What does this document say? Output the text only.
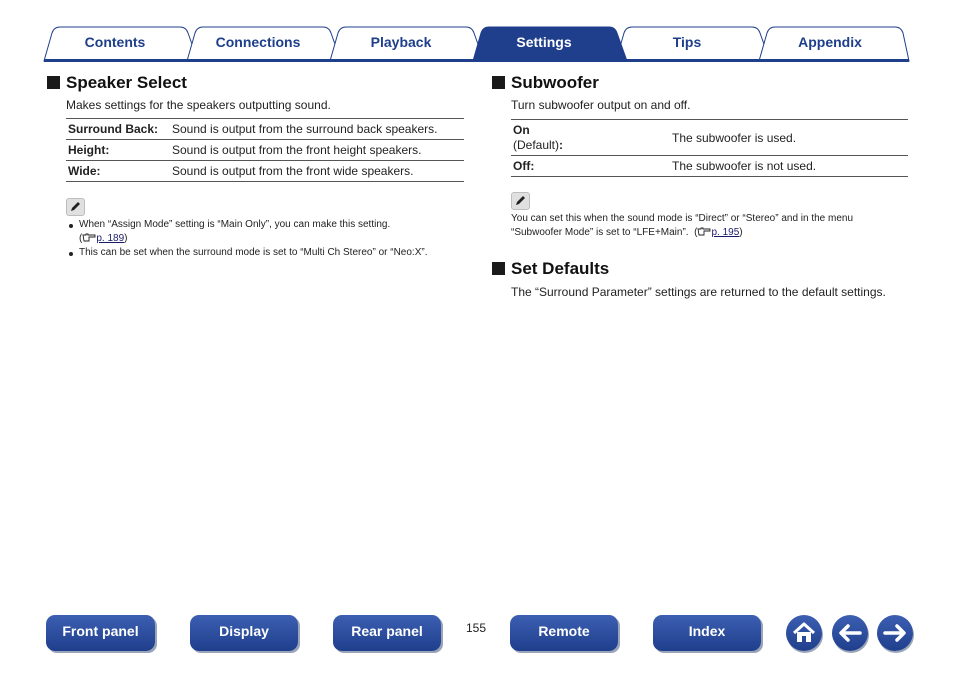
Contents	Connections	Playback	Settings	Tips	Appendix
Speaker Select
Makes settings for the speakers outputting sound.
Surround Back:	Sound is output from the surround back speakers.
Height:	Sound is output from the front height speakers.
Wide:	Sound is output from the front wide speakers.
When “Assign Mode” setting is “Main Only”, you can make this setting.
( p. 189)
This can be set when the surround mode is set to “Multi Ch Stereo” or “Neo:X”.
Subwoofer
Turn subwoofer output on and off.
On
(Default):	The subwoofer is used.
Off:	The subwoofer is not used.
You can set this when the sound mode is “Direct” or “Stereo” and in the menu
“Subwoofer Mode” is set to “LFE+Main”. ( p. 195)
Set Defaults
The “Surround Parameter” settings are returned to the default settings.
Front panel	Display	Rear panel	155	Remote	Index
